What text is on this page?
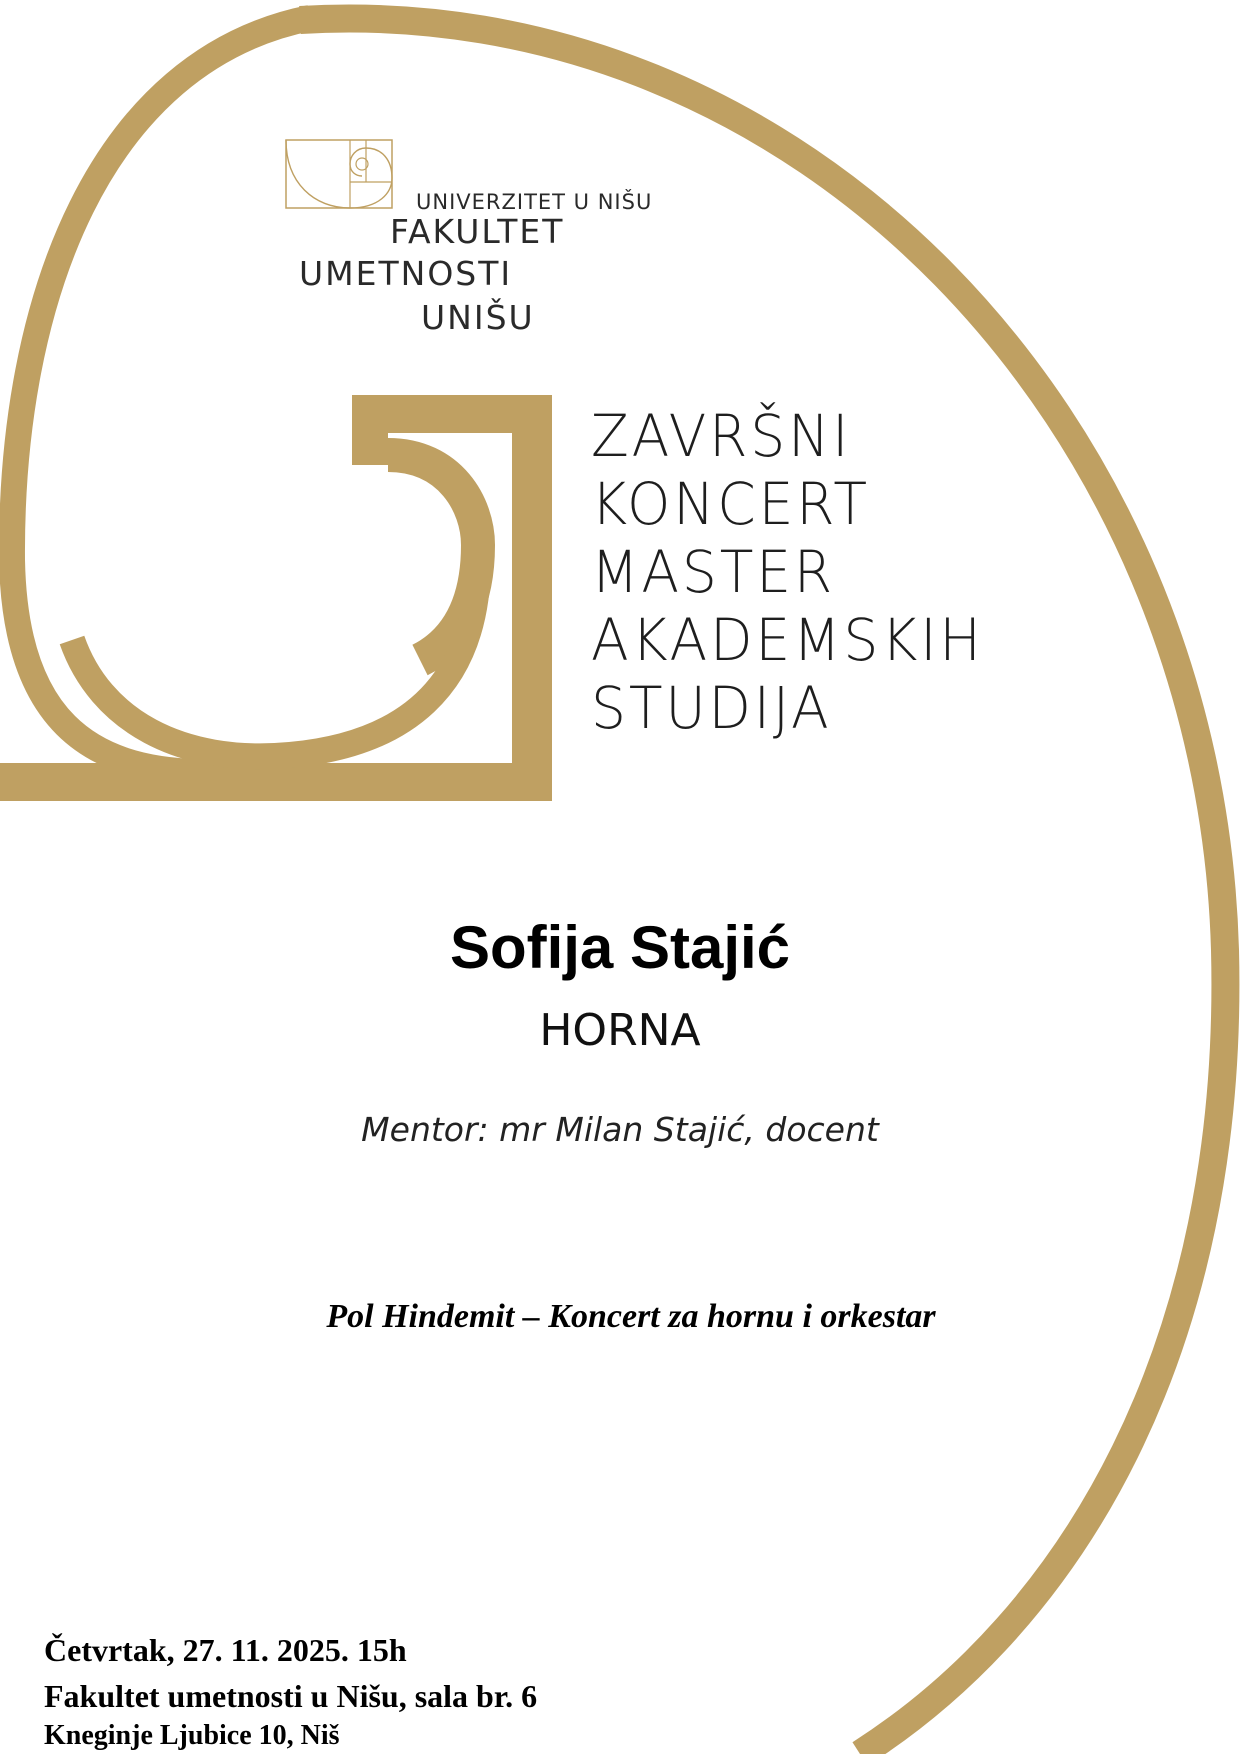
UNIVERZITET U NIŠU
FAKULTET
UMETNOSTI
UNIŠU
ZAVRŠNI
KONCERT
MASTER
AKADEMSKIH
STUDIJA
Sofija Stajić
HORNA
Mentor: mr Milan Stajić, docent
Pol Hindemit – Koncert za hornu i orkestar
Četvrtak, 27. 11. 2025. 15h
Fakultet umetnosti u Nišu, sala br. 6
Kneginje Ljubice 10, Niš
